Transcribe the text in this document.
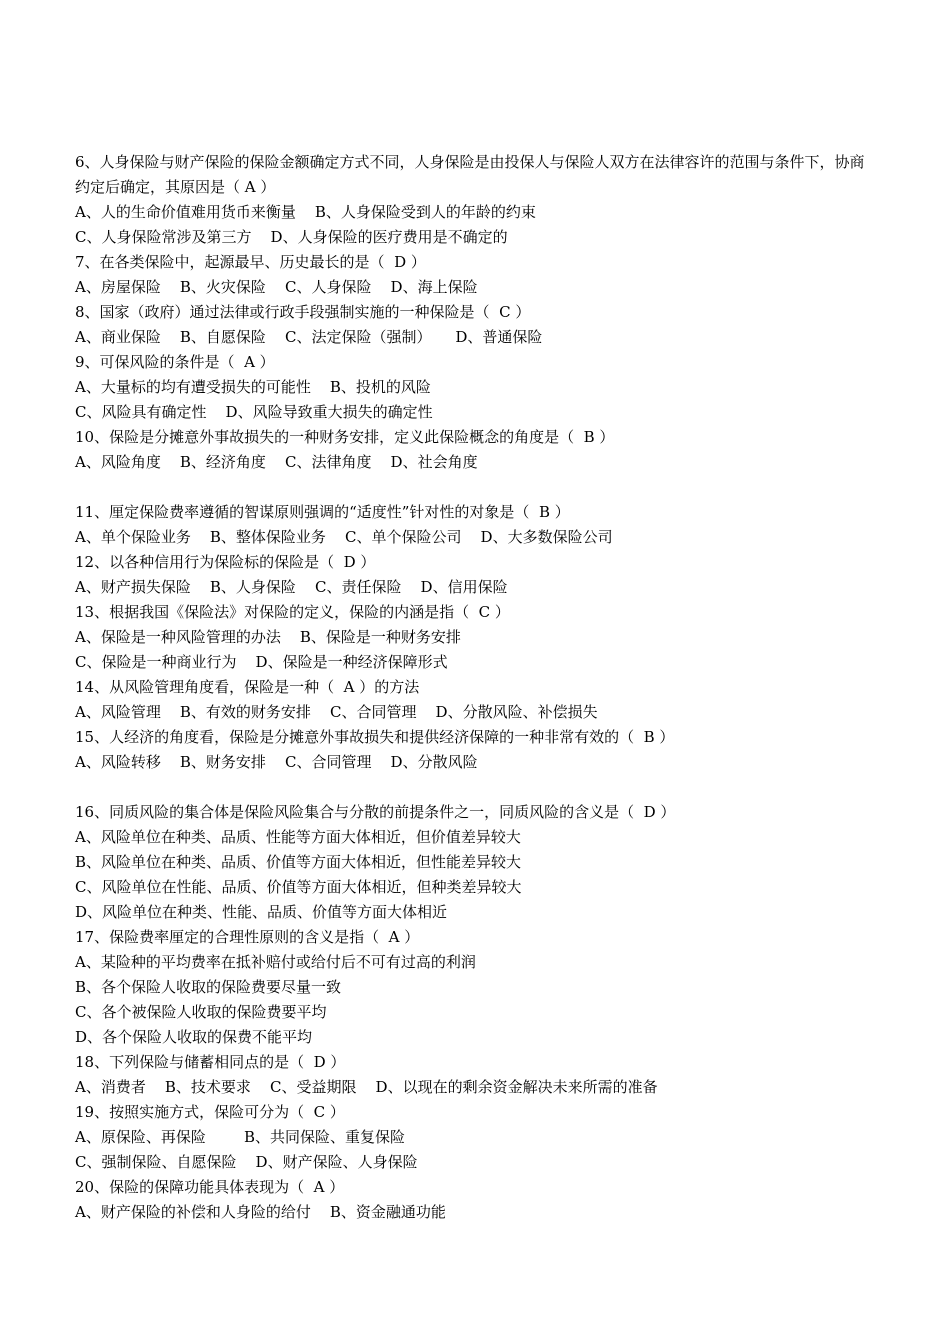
6、人身保险与财产保险的保险金额确定方式不同，人身保险是由投保人与保险人双方在法律容许的范围与条件下，协商约定后确定，其原因是（ A ）
A、人的生命价值难用货币来衡量    B、人身保险受到人的年龄的约束
C、人身保险常涉及第三方    D、人身保险的医疗费用是不确定的
7、在各类保险中，起源最早、历史最长的是（  D ）
A、房屋保险    B、火灾保险    C、人身保险    D、海上保险
8、国家（政府）通过法律或行政手段强制实施的一种保险是（  C ）
A、商业保险    B、自愿保险    C、法定保险（强制）     D、普通保险
9、可保风险的条件是（  A ）
A、大量标的均有遭受损失的可能性    B、投机的风险
C、风险具有确定性    D、风险导致重大损失的确定性
10、保险是分摊意外事故损失的一种财务安排，定义此保险概念的角度是（  B ）
A、风险角度    B、经济角度    C、法律角度    D、社会角度
11、厘定保险费率遵循的智谋原则强调的“适度性”针对性的对象是（  B ）
A、单个保险业务    B、整体保险业务    C、单个保险公司    D、大多数保险公司
12、以各种信用行为保险标的保险是（  D ）
A、财产损失保险    B、人身保险    C、责任保险    D、信用保险
13、根据我国《保险法》对保险的定义，保险的内涵是指（  C ）
A、保险是一种风险管理的办法    B、保险是一种财务安排
C、保险是一种商业行为    D、保险是一种经济保障形式
14、从风险管理角度看，保险是一种（  A ）的方法
A、风险管理    B、有效的财务安排    C、合同管理    D、分散风险、补偿损失
15、人经济的角度看，保险是分摊意外事故损失和提供经济保障的一种非常有效的（  B ）
A、风险转移    B、财务安排    C、合同管理    D、分散风险
16、同质风险的集合体是保险风险集合与分散的前提条件之一，同质风险的含义是（  D ）
A、风险单位在种类、品质、性能等方面大体相近，但价值差异较大
B、风险单位在种类、品质、价值等方面大体相近，但性能差异较大
C、风险单位在性能、品质、价值等方面大体相近，但种类差异较大
D、风险单位在种类、性能、品质、价值等方面大体相近
17、保险费率厘定的合理性原则的含义是指（  A ）
A、某险种的平均费率在抵补赔付或给付后不可有过高的利润
B、各个保险人收取的保险费要尽量一致
C、各个被保险人收取的保险费要平均
D、各个保险人收取的保费不能平均
18、下列保险与储蓄相同点的是（  D ）
A、消费者    B、技术要求    C、受益期限    D、以现在的剩余资金解决未来所需的准备
19、按照实施方式，保险可分为（  C ）
A、原保险、再保险        B、共同保险、重复保险
C、强制保险、自愿保险    D、财产保险、人身保险
20、保险的保障功能具体表现为（  A ）
A、财产保险的补偿和人身险的给付    B、资金融通功能
